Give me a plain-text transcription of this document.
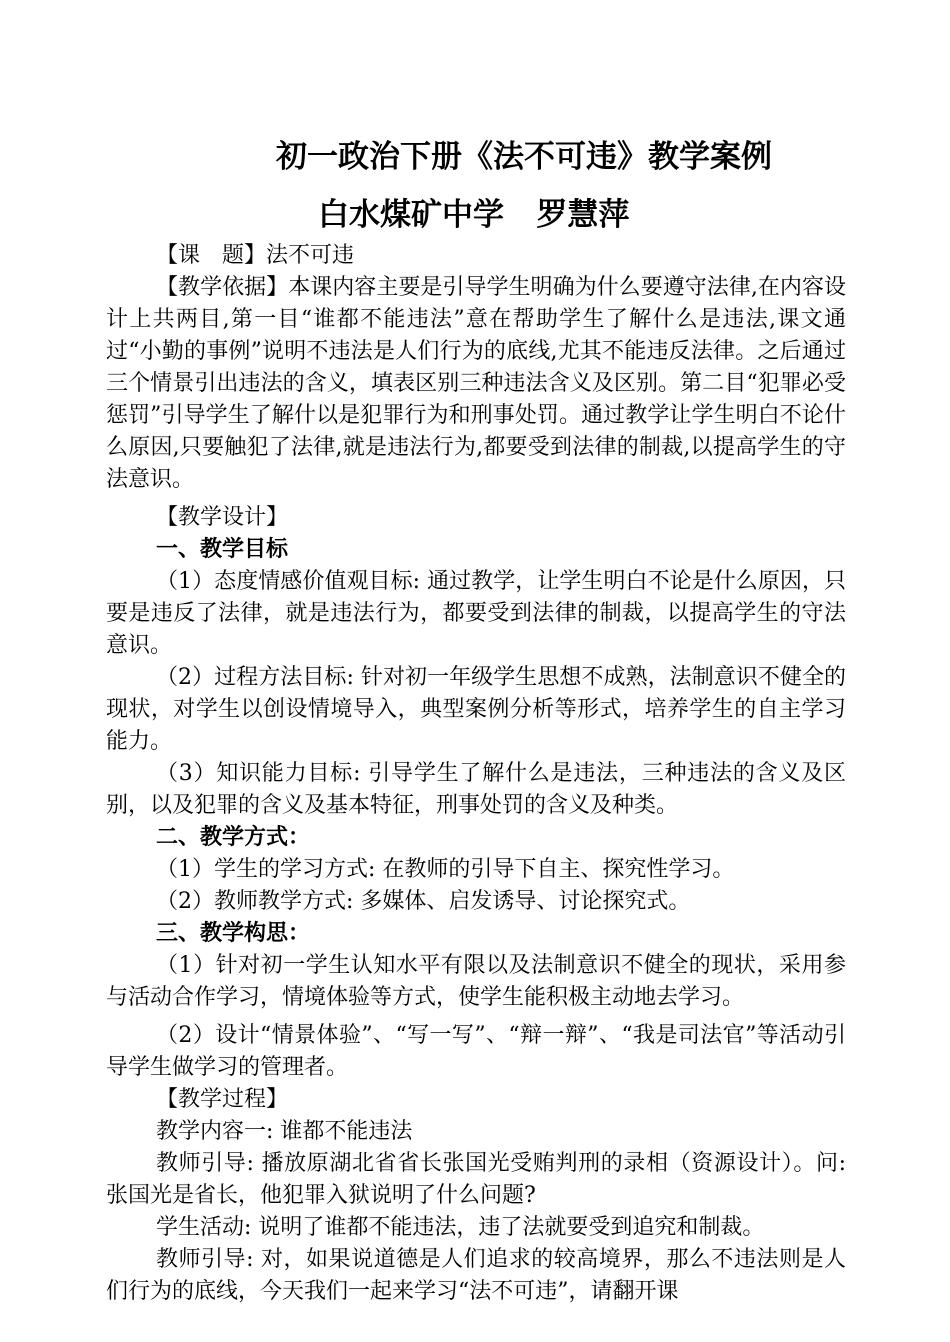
初一政治下册《法不可违》教学案例
白水煤矿中学   罗慧萍

【课　题】法不可违

【教学依据】本课内容主要是引导学生明确为什么要遵守法律,在内容设计上共两目,第一目“谁都不能违法”意在帮助学生了解什么是违法,课文通过“小勤的事例”说明不违法是人们行为的底线,尤其不能违反法律。之后通过三个情景引出违法的含义，填表区别三种违法含义及区别。第二目“犯罪必受惩罚”引导学生了解什以是犯罪行为和刑事处罚。通过教学让学生明白不论什么原因,只要触犯了法律,就是违法行为,都要受到法律的制裁,以提高学生的守法意识。

【教学设计】

一、教学目标

（1）态度情感价值观目标: 通过教学，让学生明白不论是什么原因，只要是违反了法律，就是违法行为，都要受到法律的制裁，以提高学生的守法意识。

（2）过程方法目标: 针对初一年级学生思想不成熟，法制意识不健全的现状，对学生以创设情境导入，典型案例分析等形式，培养学生的自主学习能力。

（3）知识能力目标: 引导学生了解什么是违法，三种违法的含义及区别，以及犯罪的含义及基本特征，刑事处罚的含义及种类。

二、教学方式：

（1）学生的学习方式: 在教师的引导下自主、探究性学习。

（2）教师教学方式: 多媒体、启发诱导、讨论探究式。

三、教学构思：

（1）针对初一学生认知水平有限以及法制意识不健全的现状，采用参与活动合作学习，情境体验等方式，使学生能积极主动地去学习。

（2）设计“情景体验”、“写一写”、“辩一辩”、“我是司法官”等活动引导学生做学习的管理者。

【教学过程】

教学内容一: 谁都不能违法

教师引导: 播放原湖北省省长张国光受贿判刑的录相（资源设计）。问: 张国光是省长，他犯罪入狱说明了什么问题?

学生活动: 说明了谁都不能违法，违了法就要受到追究和制裁。

教师引导: 对，如果说道德是人们追求的较高境界，那么不违法则是人们行为的底线，今天我们一起来学习“法不可违”，请翻开课
